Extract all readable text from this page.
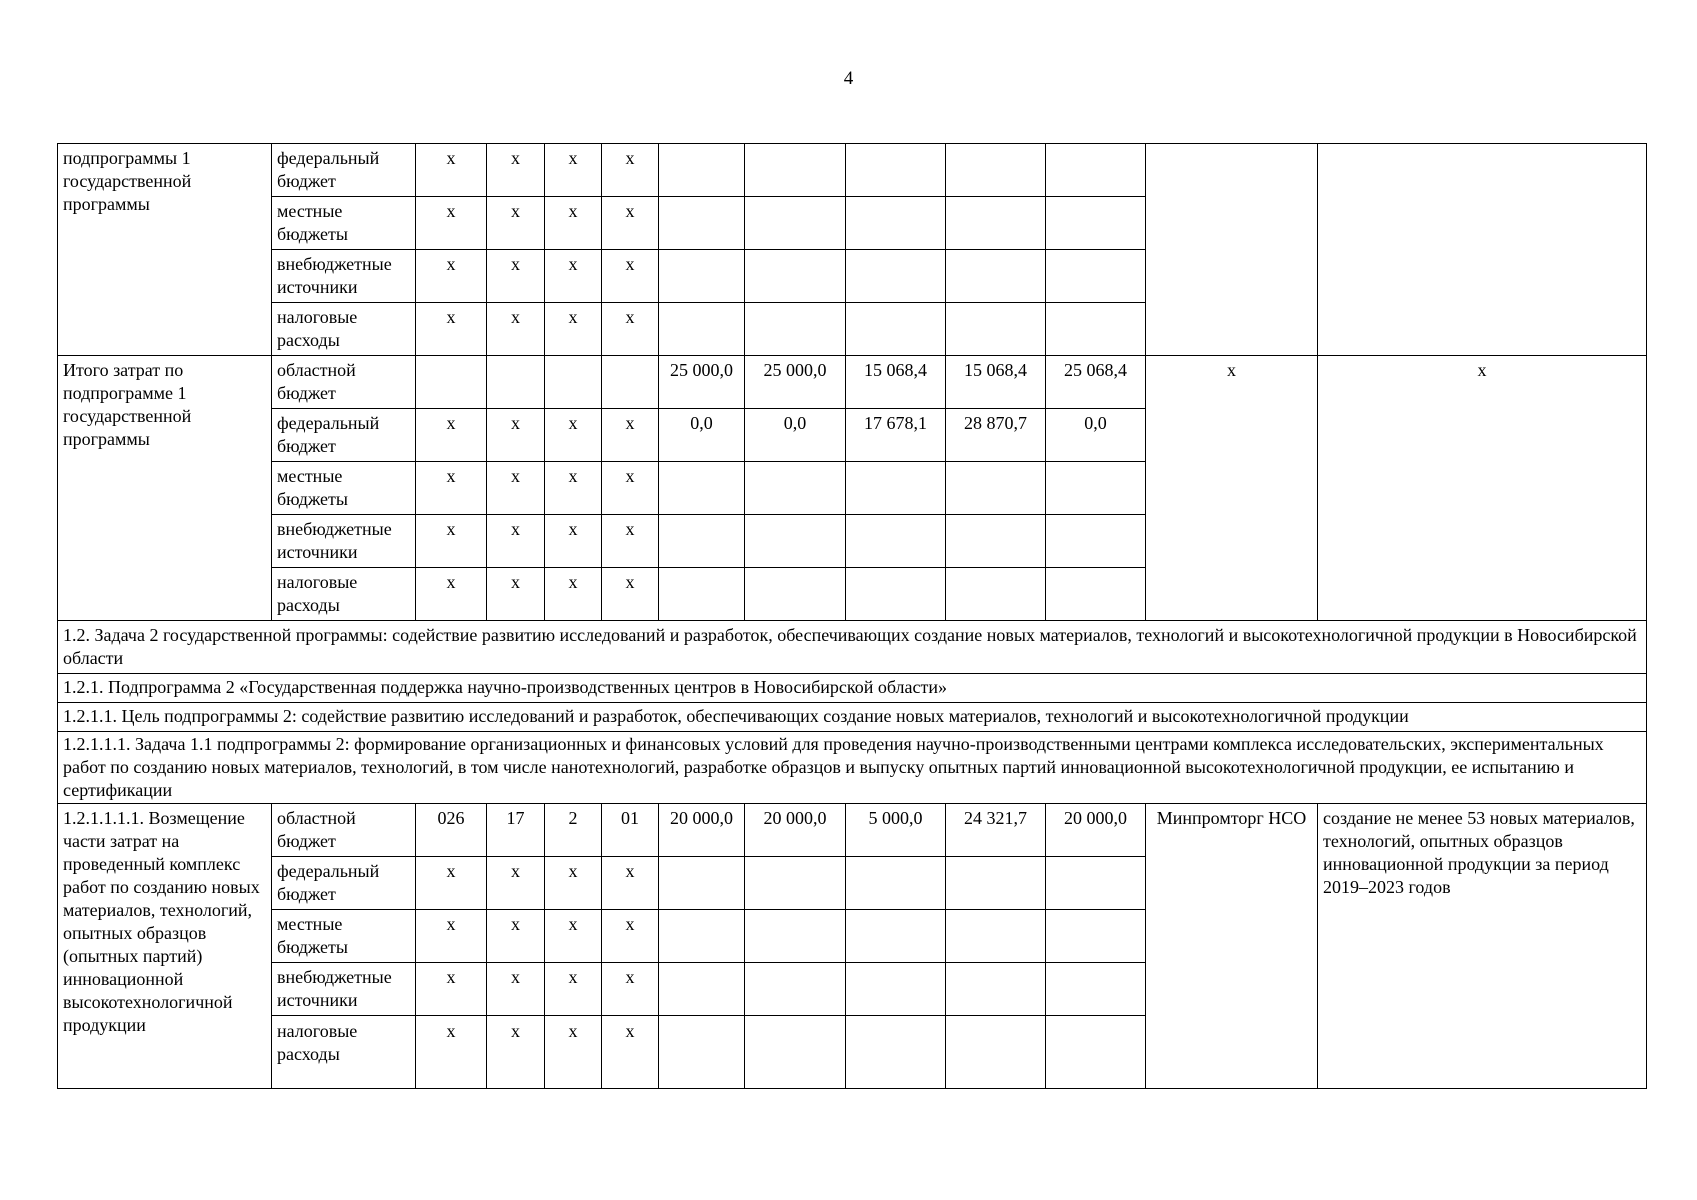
4
подпрограммы 1 государственной программы	федеральный бюджет	x	x	x	x							
	местные бюджеты	x	x	x	x							
	внебюджетные источники	x	x	x	x							
	налоговые расходы	x	x	x	x							
Итого затрат по подпрограмме 1 государственной программы	областной бюджет					25 000,0	25 000,0	15 068,4	15 068,4	25 068,4	x	x
	федеральный бюджет	x	x	x	x	0,0	0,0	17 678,1	28 870,7	0,0		
	местные бюджеты	x	x	x	x							
	внебюджетные источники	x	x	x	x							
	налоговые расходы	x	x	x	x							
1.2. Задача 2 государственной программы: содействие развитию исследований и разработок, обеспечивающих создание новых материалов, технологий и высокотехнологичной продукции в Новосибирской области												
1.2.1. Подпрограмма 2 «Государственная поддержка научно-производственных центров в Новосибирской области»												
1.2.1.1. Цель подпрограммы 2: содействие развитию исследований и разработок, обеспечивающих создание новых материалов, технологий и высокотехнологичной продукции												
1.2.1.1.1. Задача 1.1 подпрограммы 2: формирование организационных и финансовых условий для проведения научно-производственными центрами комплекса исследовательских, экспериментальных работ по созданию новых материалов, технологий, в том числе нанотехнологий, разработке образцов и выпуску опытных партий инновационной высокотехнологичной продукции, ее испытанию и сертификации												
1.2.1.1.1.1. Возмещение части затрат на проведенный комплекс работ по созданию новых материалов, технологий, опытных образцов (опытных партий) инновационной высокотехнологичной продукции	областной бюджет	026	17	2	01	20 000,0	20 000,0	5 000,0	24 321,7	20 000,0	Минпромторг НСО	создание не менее 53 новых материалов, технологий, опытных образцов инновационной продукции за период 2019–2023 годов
	федеральный бюджет	x	x	x	x							
	местные бюджеты	x	x	x	x							
	внебюджетные источники	x	x	x	x							
	налоговые расходы	x	x	x	x							
